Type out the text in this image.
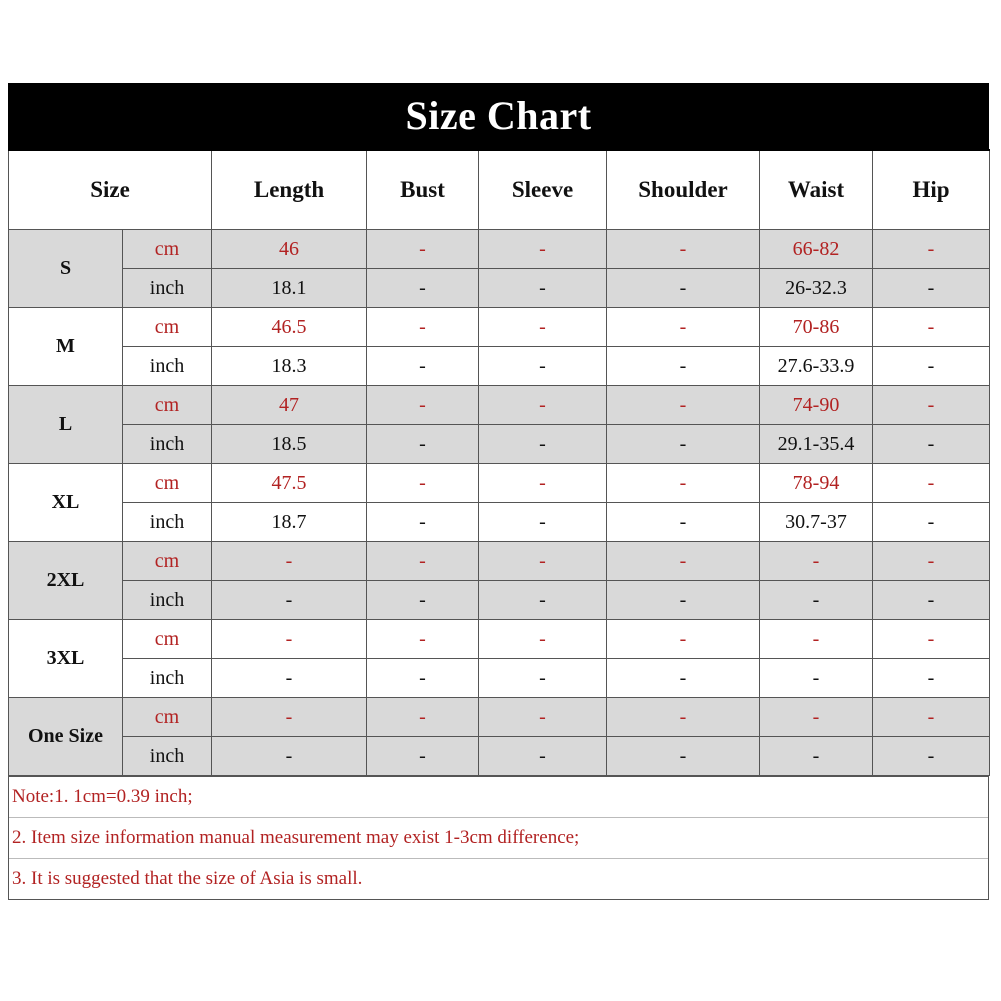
Size Chart
Size		Length	Bust	Sleeve	Shoulder	Waist	Hip
S	cm	46	-	-	-	66-82	-
	inch	18.1	-	-	-	26-32.3	-
M	cm	46.5	-	-	-	70-86	-
	inch	18.3	-	-	-	27.6-33.9	-
L	cm	47	-	-	-	74-90	-
	inch	18.5	-	-	-	29.1-35.4	-
XL	cm	47.5	-	-	-	78-94	-
	inch	18.7	-	-	-	30.7-37	-
2XL	cm	-	-	-	-	-	-
	inch	-	-	-	-	-	-
3XL	cm	-	-	-	-	-	-
	inch	-	-	-	-	-	-
One Size	cm	-	-	-	-	-	-
	inch	-	-	-	-	-	-
Note:1. 1cm=0.39 inch;
2. Item size information manual measurement may exist 1-3cm difference;
3. It is suggested that the size of Asia is small.
